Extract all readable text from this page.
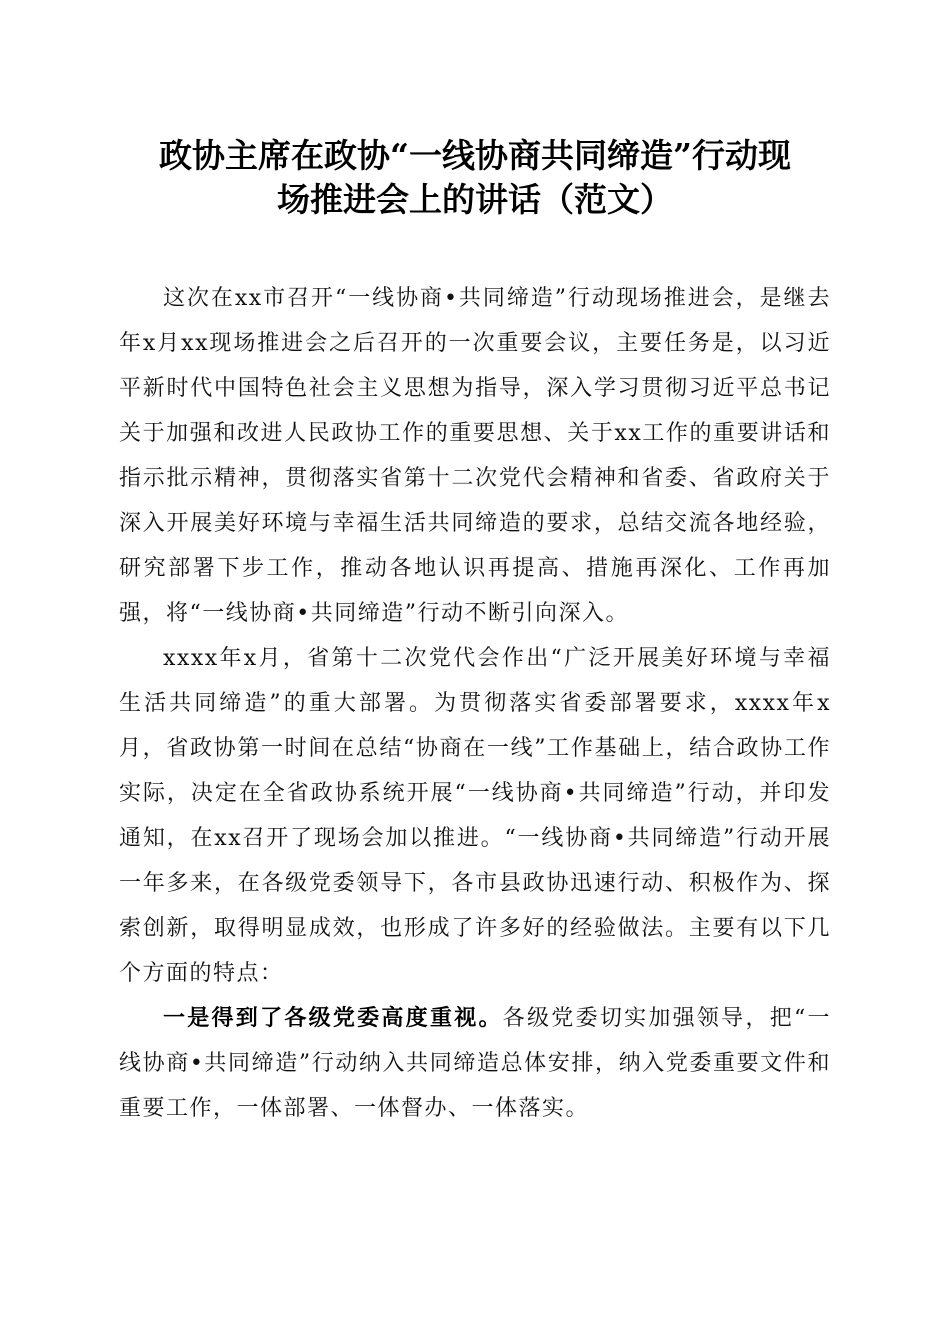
政协主席在政协“一线协商共同缔造”行动现
场推进会上的讲话（范文）

这次在xx市召开“一线协商•共同缔造”行动现场推进会，是继去年x月xx现场推进会之后召开的一次重要会议，主要任务是，以习近平新时代中国特色社会主义思想为指导，深入学习贯彻习近平总书记关于加强和改进人民政协工作的重要思想、关于xx工作的重要讲话和指示批示精神，贯彻落实省第十二次党代会精神和省委、省政府关于深入开展美好环境与幸福生活共同缔造的要求，总结交流各地经验，研究部署下步工作，推动各地认识再提高、措施再深化、工作再加强，将“一线协商•共同缔造”行动不断引向深入。

xxxx年x月，省第十二次党代会作出“广泛开展美好环境与幸福生活共同缔造”的重大部署。为贯彻落实省委部署要求，xxxx年x月，省政协第一时间在总结“协商在一线”工作基础上，结合政协工作实际，决定在全省政协系统开展“一线协商•共同缔造”行动，并印发通知，在xx召开了现场会加以推进。“一线协商•共同缔造”行动开展一年多来，在各级党委领导下，各市县政协迅速行动、积极作为、探索创新，取得明显成效，也形成了许多好的经验做法。主要有以下几个方面的特点：

一是得到了各级党委高度重视。各级党委切实加强领导，把“一线协商•共同缔造”行动纳入共同缔造总体安排，纳入党委重要文件和重要工作，一体部署、一体督办、一体落实。
